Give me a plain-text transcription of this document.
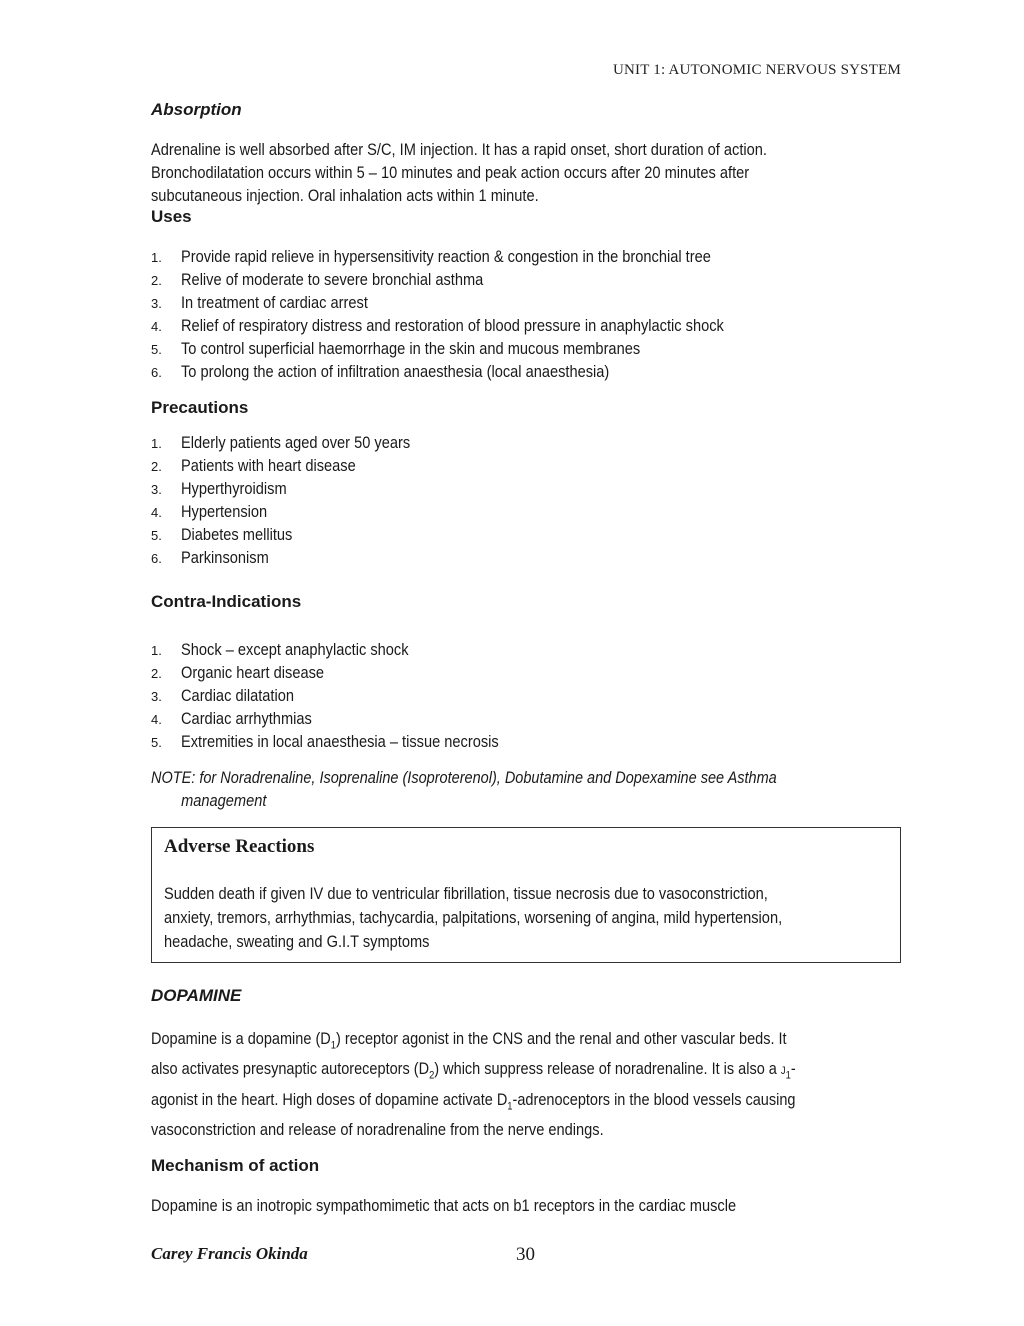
UNIT 1: AUTONOMIC NERVOUS SYSTEM
Absorption
Adrenaline is well absorbed after S/C, IM injection. It has a rapid onset, short duration of action.
Bronchodilatation occurs within 5 – 10 minutes and peak action occurs after 20 minutes after
subcutaneous injection. Oral inhalation acts within 1 minute.
Uses
1. Provide rapid relieve in hypersensitivity reaction & congestion in the bronchial tree
2. Relive of moderate to severe bronchial asthma
3. In treatment of cardiac arrest
4. Relief of respiratory distress and restoration of blood pressure in anaphylactic shock
5. To control superficial haemorrhage in the skin and mucous membranes
6. To prolong the action of infiltration anaesthesia (local anaesthesia)
Precautions
1. Elderly patients aged over 50 years
2. Patients with heart disease
3. Hyperthyroidism
4. Hypertension
5. Diabetes mellitus
6. Parkinsonism
Contra-Indications
1. Shock – except anaphylactic shock
2. Organic heart disease
3. Cardiac dilatation
4. Cardiac arrhythmias
5. Extremities in local anaesthesia – tissue necrosis
NOTE: for Noradrenaline, Isoprenaline (Isoproterenol), Dobutamine and Dopexamine see Asthma
management
Adverse Reactions
Sudden death if given IV due to ventricular fibrillation, tissue necrosis due to vasoconstriction,
anxiety, tremors, arrhythmias, tachycardia, palpitations, worsening of angina, mild hypertension,
headache, sweating and G.I.T symptoms
DOPAMINE
Dopamine is a dopamine $(D_1)$ receptor agonist in the CNS and the renal and other vascular beds. It
also activates presynaptic autoreceptors $(D_2)$ which suppress release of noradrenaline. It is also a $J_1-$
agonist in the heart. High doses of dopamine activate $D_1$-adrenoceptors in the blood vessels causing
vasoconstriction and release of noradrenaline from the nerve endings.
Mechanism of action
Dopamine is an inotropic sympathomimetic that acts on b1 receptors in the cardiac muscle
Carey Francis Okinda	30
